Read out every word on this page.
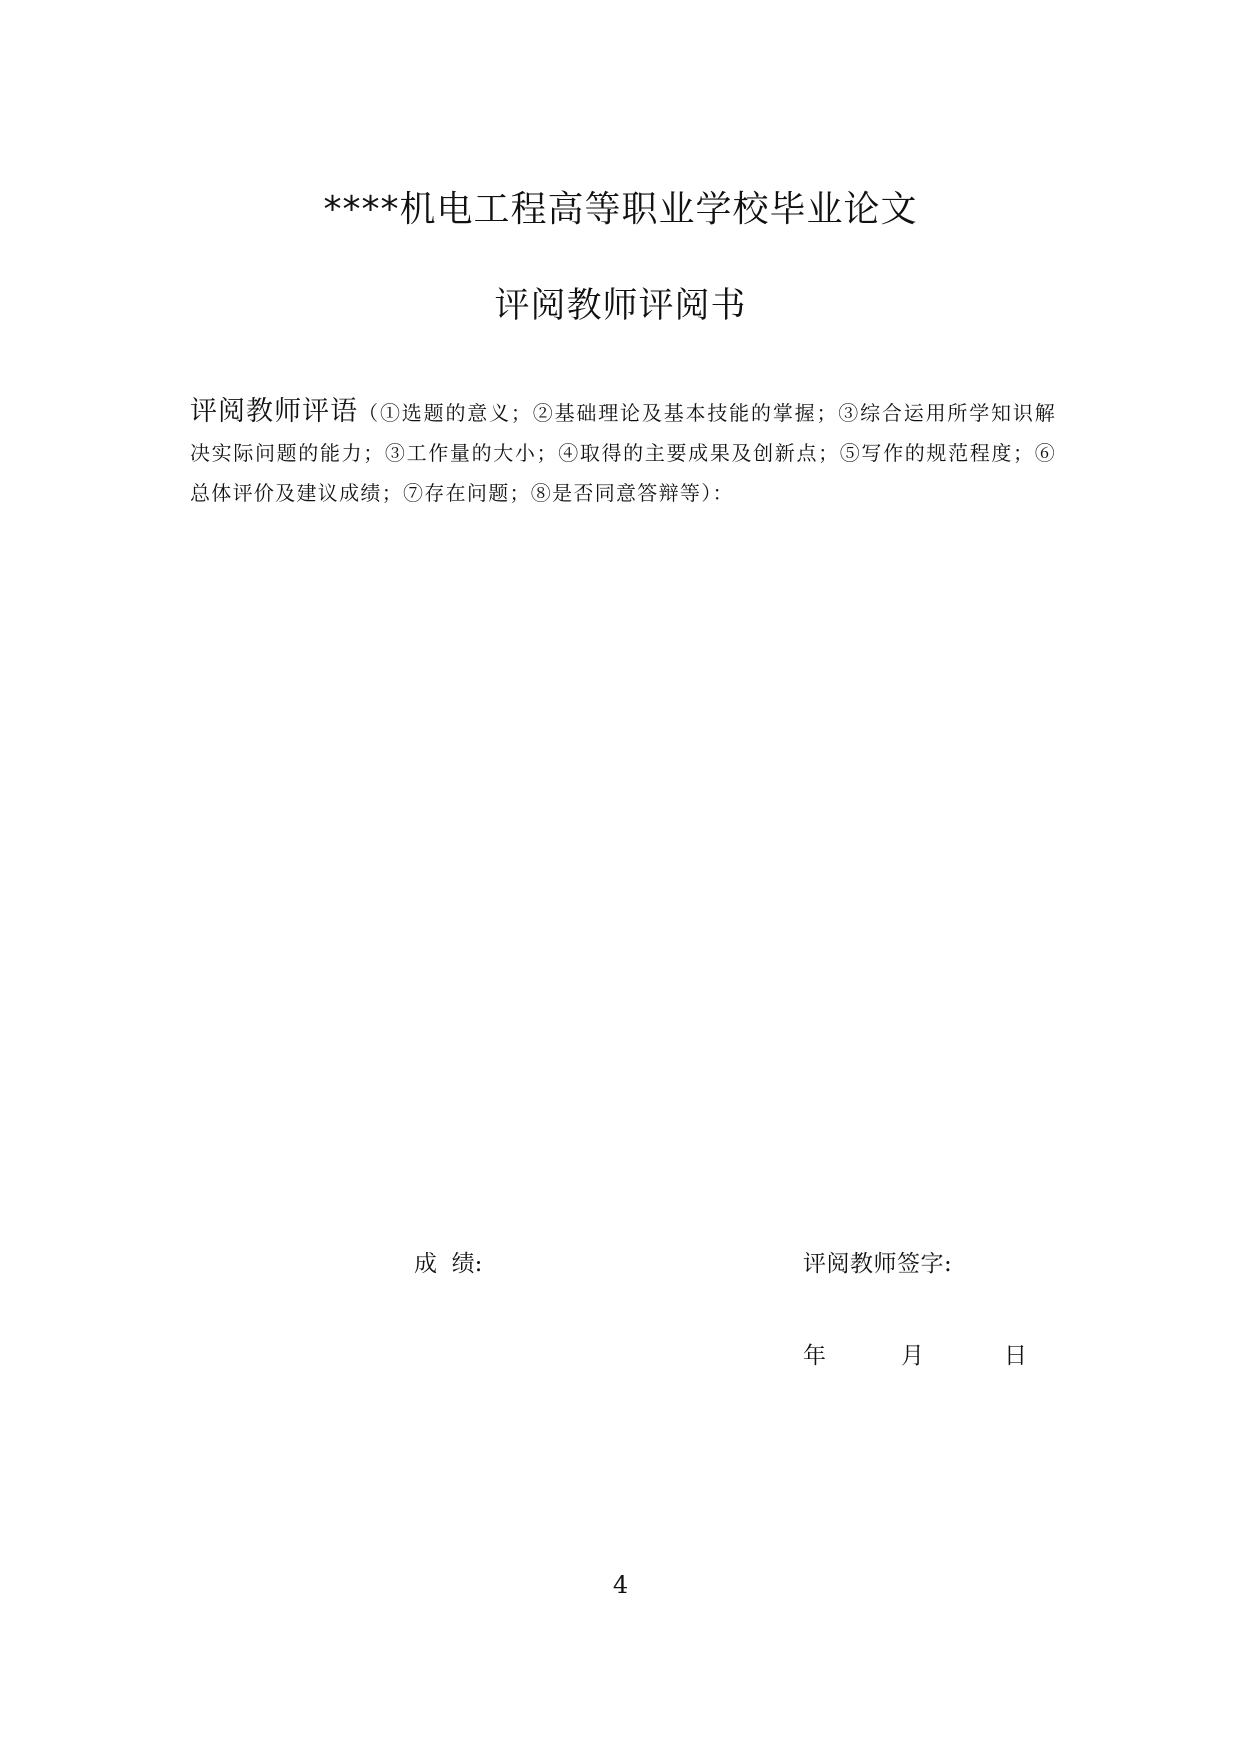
****机电工程高等职业学校毕业论文
评阅教师评阅书
评阅教师评语（①选题的意义；②基础理论及基本技能的掌握；③综合运用所学知识解决实际问题的能力；③工作量的大小；④取得的主要成果及创新点；⑤写作的规范程度；⑥总体评价及建议成绩；⑦存在问题；⑧是否同意答辩等）：
成  绩:	评阅教师签字:
年	月	日
4
